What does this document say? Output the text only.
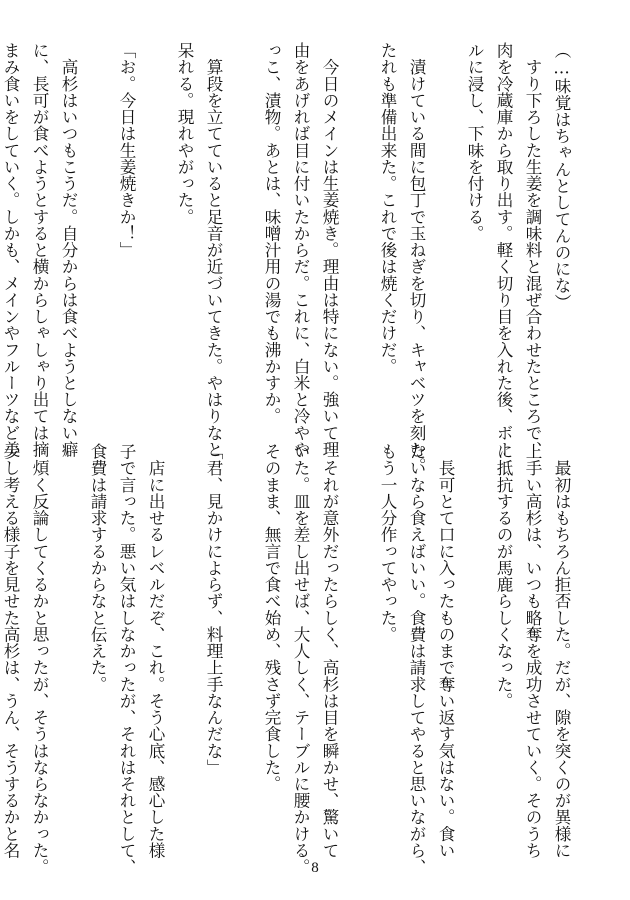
（…味覚はちゃんとしてんのにな）
　すり下ろした生姜を調味料と混ぜ合わせたところで、
肉を冷蔵庫から取り出す。軽く切り目を入れた後、ボー
ルに浸し、下味を付ける。

　漬けている間に包丁で玉ねぎを切り、キャベツを刻む。
たれも準備出来た。これで後は焼くだけだ。

　今日のメインは生姜焼き。理由は特にない。強いて理
由をあげれば目に付いたからだ。これに、白米と冷やや
っこ、漬物。あとは、味噌汁用の湯でも沸かすか。

　算段を立てていると足音が近づいてきた。やはりなと
呆れる。現れやがった。

「お。今日は生姜焼きか！」

　高杉はいつもこうだ。自分からは食べようとしない癖
に、長可が食べようとすると横からしゃしゃり出ては摘
まみ食いをしていく。しかも、メインやフルーツなど美

　最初はもちろん拒否した。だが、隙を突くのが異様に
上手い高杉は、いつも略奪を成功させていく。そのうち
に抵抗するのが馬鹿らしくなった。

　長可とて口に入ったものまで奪い返す気はない。食い
たいなら食えばいい。食費は請求してやると思いながら、
もう一人分作ってやった。

　それが意外だったらしく、高杉は目を瞬かせ、驚いて
いた。皿を差し出せば、大人しく、テーブルに腰かける。
そのまま、無言で食べ始め、残さず完食した。

「君、見かけによらず、料理上手なんだな」

　店に出せるレベルだぞ、これ。そう心底、感心した様
子で言った。悪い気はしなかったが、それはそれとして、
食費は請求するからなと伝えた。

　煩く反論してくるかと思ったが、そうはならなかった。
少し考える様子を見せた高杉は、うん、そうするかと名

8
